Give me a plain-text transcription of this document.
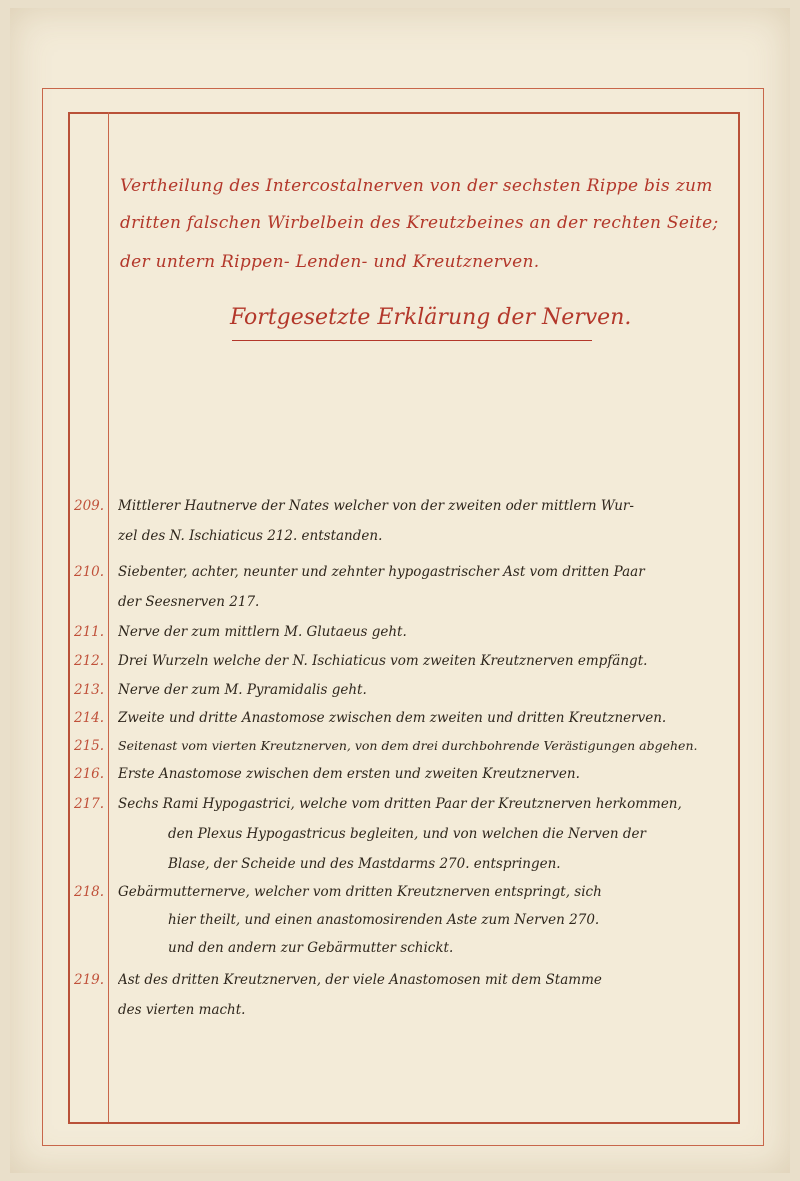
Vertheilung des Intercostalnerven von der sechsten Rippe bis zum
dritten falschen Wirbelbein des Kreutzbeines an der rechten Seite;
der untern Rippen- Lenden- und Kreutznerven.
Fortgesetzte Erklärung der Nerven.
209.	Mittlerer Hautnerve der Nates welcher von der zweiten oder mittlern Wur-
zel des N. Ischiaticus 212. entstanden.
210.	Siebenter, achter, neunter und zehnter hypogastrischer Ast vom dritten Paar
der Seesnerven 217.
211.	Nerve der zum mittlern M. Glutaeus geht.
212.	Drei Wurzeln welche der N. Ischiaticus vom zweiten Kreutznerven empfängt.
213.	Nerve der zum M. Pyramidalis geht.
214.	Zweite und dritte Anastomose zwischen dem zweiten und dritten Kreutznerven.
215.	Seitenast vom vierten Kreutznerven, von dem drei durchbohrende Verästigungen abgehen.
216.	Erste Anastomose zwischen dem ersten und zweiten Kreutznerven.
217.	Sechs Rami Hypogastrici, welche vom dritten Paar der Kreutznerven herkommen,
den Plexus Hypogastricus begleiten, und von welchen die Nerven der
Blase, der Scheide und des Mastdarms 270. entspringen.
218.	Gebärmutternerve, welcher vom dritten Kreutznerven entspringt, sich
hier theilt, und einen anastomosirenden Aste zum Nerven 270.
und den andern zur Gebärmutter schickt.
219.	Ast des dritten Kreutznerven, der viele Anastomosen mit dem Stamme
des vierten macht.
